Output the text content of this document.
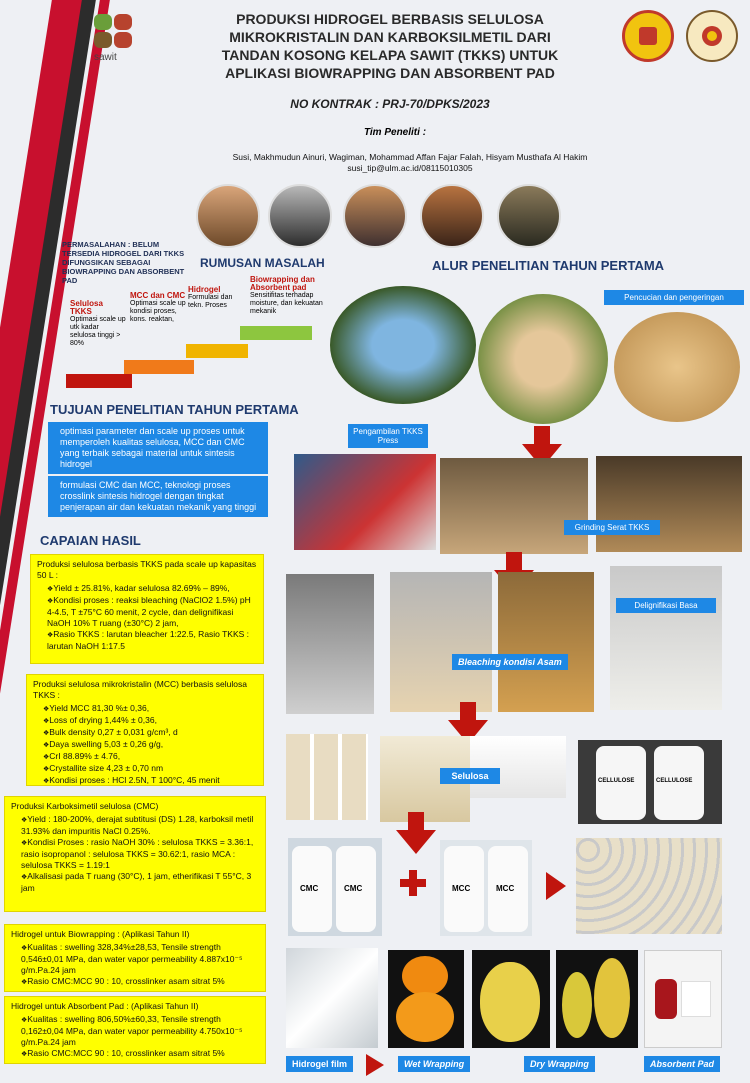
sawit
PRODUKSI HIDROGEL BERBASIS SELULOSA
MIKROKRISTALIN DAN KARBOKSILMETIL DARI
TANDAN KOSONG KELAPA SAWIT (TKKS) UNTUK
APLIKASI BIOWRAPPING DAN ABSORBENT PAD
NO KONTRAK : PRJ-70/DPKS/2023
Tim Peneliti :
Susi, Makhmudun Ainuri, Wagiman, Mohammad Affan Fajar Falah, Hisyam Musthafa Al Hakim
susi_tip@ulm.ac.id/08115010305
PERMASALAHAN : BELUM TERSEDIA HIDROGEL DARI TKKS DIFUNGSIKAN SEBAGAI BIOWRAPPING DAN ABSORBENT PAD
RUMUSAN MASALAH
Selulosa TKKS
Optimasi scale up utk kadar selulosa tinggi > 80%
MCC dan CMC
Optimasi scale up kondisi proses, kons. reaktan,
Hidrogel
Formulasi dan tekn. Proses
Biowrapping dan Absorbent pad
Sensitifitas terhadap moisture, dan kekuatan mekanik
TUJUAN PENELITIAN TAHUN PERTAMA
optimasi parameter dan scale up proses untuk memperoleh kualitas selulosa, MCC dan CMC yang terbaik sebagai material untuk sintesis hidrogel
formulasi CMC dan MCC, teknologi proses crosslink sintesis hidrogel dengan tingkat penjerapan air dan kekuatan mekanik yang tinggi
CAPAIAN HASIL
Produksi selulosa berbasis TKKS pada scale up kapasitas 50 L :
❖ Yield ± 25.81%, kadar selulosa 82.69% – 89%,
❖ Kondisi proses : reaksi bleaching (NaClO2 1.5%) pH 4-4.5, T ±75°C 60 menit, 2 cycle, dan delignifikasi NaOH 10% T ruang (±30°C) 2 jam,
❖ Rasio TKKS : larutan bleacher 1:22.5, Rasio TKKS : larutan NaOH 1:17.5
Produksi selulosa mikrokristalin (MCC) berbasis selulosa TKKS :
❖ Yield MCC 81,30 %± 0,36,
❖ Loss of drying 1,44% ± 0,36,
❖ Bulk density 0,27 ± 0,031 g/cm³, d
❖ Daya swelling 5,03 ± 0,26 g/g,
❖ CrI 88.89% ± 4.76,
❖ Crystallite size 4,23 ± 0,70 nm
❖ Kondisi proses : HCl 2.5N, T 100°C, 45 menit
Produksi Karboksimetil selulosa (CMC)
❖ Yield : 180-200%, derajat subtitusi (DS) 1.28, karboksil metil 31.93% dan impuritis NaCl 0.25%.
❖ Kondisi Proses : rasio NaOH 30% : selulosa TKKS = 3.36:1, rasio isopropanol : selulosa TKKS = 30.62:1, rasio MCA : selulosa TKKS = 1.19:1
❖ Alkalisasi pada T ruang (30°C), 1 jam, etherifikasi T 55°C, 3 jam
Hidrogel untuk Biowrapping : (Aplikasi Tahun II)
❖ Kualitas : swelling 328,34%±28,53, Tensile strength 0,546±0,01 MPa, dan water vapor permeability 4.887x10⁻⁵ g/m.Pa.24 jam
❖ Rasio CMC:MCC 90 : 10, crosslinker asam sitrat 5%
Hidrogel untuk Absorbent Pad : (Aplikasi Tahun II)
❖ Kualitas : swelling 806,50%±60,33, Tensile strength 0,162±0,04 MPa, dan water vapor permeability 4.750x10⁻⁵ g/m.Pa.24 jam
❖ Rasio CMC:MCC 90 : 10, crosslinker asam sitrat 5%
ALUR PENELITIAN TAHUN PERTAMA
Pencucian dan pengeringan
Pengambilan TKKS Press
Grinding Serat TKKS
Bleaching kondisi Asam
Delignifikasi Basa
Selulosa	CELLULOSE	CELLULOSE
CMC	CMC	MCC	MCC
Hidrogel film	Wet Wrapping	Dry Wrapping	Absorbent Pad
